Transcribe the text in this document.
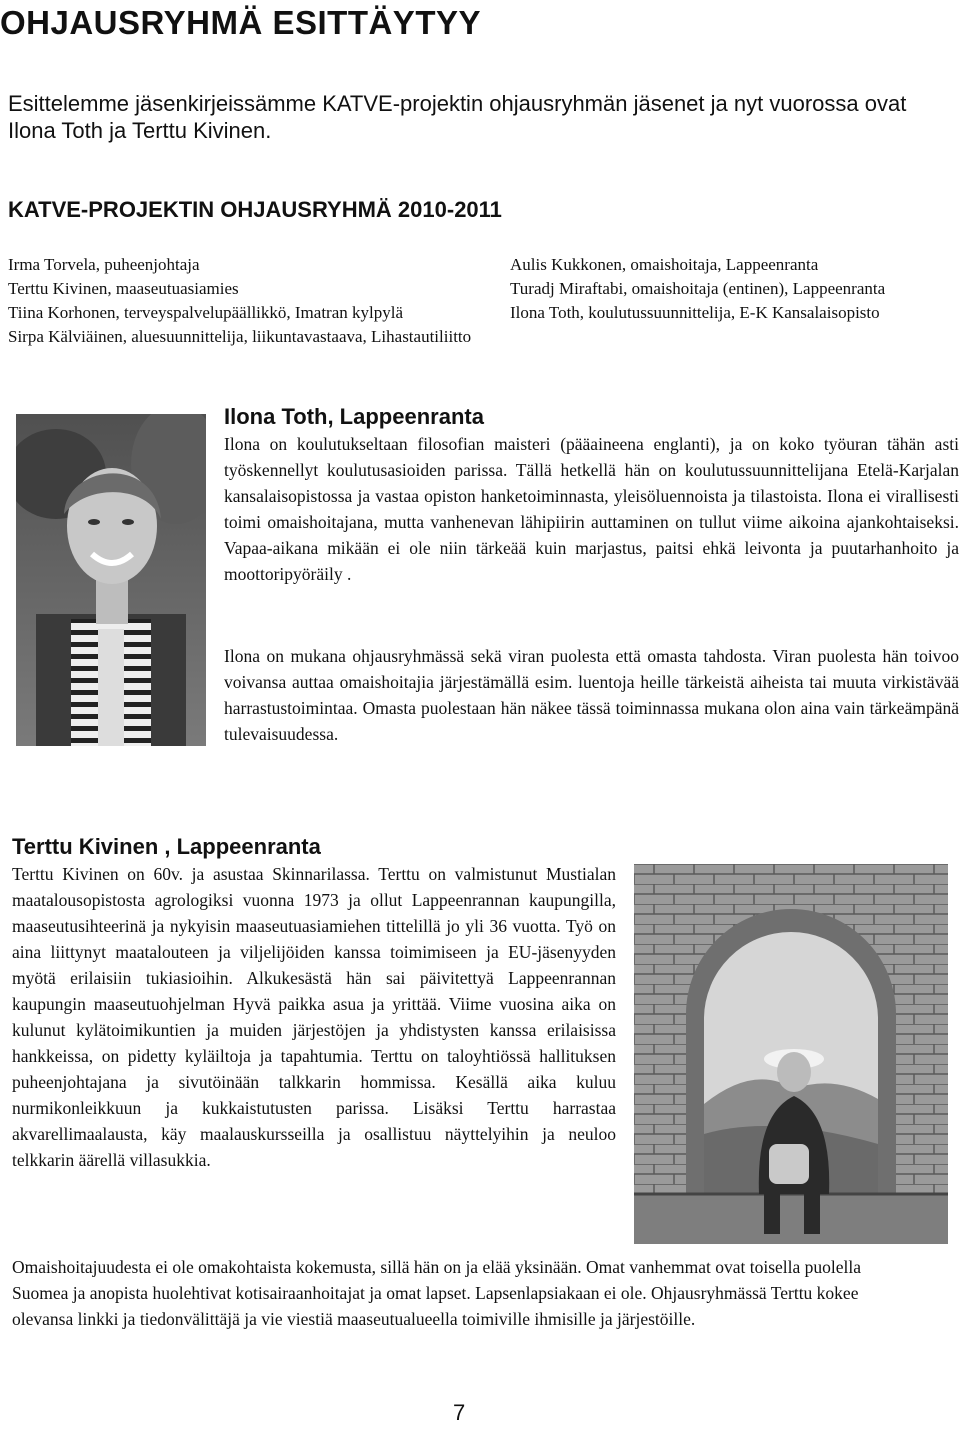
OHJAUSRYHMÄ ESITTÄYTYY

Esittelemme jäsenkirjeissämme KATVE-projektin ohjausryhmän jäsenet ja nyt vuorossa ovat Ilona Toth ja Terttu Kivinen.

KATVE-PROJEKTIN OHJAUSRYHMÄ 2010-2011

Irma Torvela, puheenjohtaja

Terttu Kivinen, maaseutuasiamies

Tiina Korhonen, terveyspalvelupäällikkö, Imatran kylpylä

Aulis Kukkonen, omaishoitaja, Lappeenranta

Turadj Miraftabi, omaishoitaja (entinen), Lappeenranta

Ilona Toth, koulutussuunnittelija, E-K Kansalaisopisto

Sirpa Kälviäinen, aluesuunnittelija, liikuntavastaava, Lihastautiliitto

Ilona Toth, Lappeenranta

Ilona on koulutukseltaan filosofian maisteri (pääaineena englanti), ja on koko työuran tähän asti työskennellyt koulutusasioiden parissa. Tällä hetkellä hän on koulutussuunnittelijana Etelä-Karjalan kansalaisopistossa ja vastaa opiston hanketoiminnasta, yleisöluennoista ja tilastoista. Ilona ei virallisesti toimi omaishoitajana, mutta vanhenevan lähipiirin auttaminen on tullut viime aikoina ajankohtaiseksi. Vapaa-aikana mikään ei ole niin tärkeää kuin marjastus, paitsi ehkä leivonta ja puutarhanhoito ja moottoripyöräily .

Ilona on mukana ohjausryhmässä sekä viran puolesta että omasta tahdosta. Viran puolesta hän toivoo voivansa auttaa omaishoitajia järjestämällä esim. luentoja heille tärkeistä aiheista tai muuta virkistävää harrastustoimintaa. Omasta puolestaan hän näkee tässä toiminnassa mukana olon aina vain tärkeämpänä tulevaisuudessa.

Terttu Kivinen , Lappeenranta

Terttu Kivinen on 60v. ja asustaa Skinnarilassa. Terttu on valmistunut Mustialan maatalousopistosta agrologiksi vuonna 1973 ja ollut Lappeenrannan kaupungilla, maaseutusihteerinä ja nykyisin maaseutuasiamiehen tittelillä jo yli 36 vuotta. Työ on aina liittynyt maatalouteen ja viljelijöiden kanssa toimimiseen ja EU-jäsenyyden myötä erilaisiin tukiasioihin. Alkukesästä hän sai päivitettyä Lappeenrannan kaupungin maaseutuohjelman Hyvä paikka asua ja yrittää. Viime vuosina aika on kulunut kylätoimikuntien ja muiden järjestöjen ja yhdistysten kanssa erilaisissa hankkeissa, on pidetty kyläiltoja ja tapahtumia. Terttu on taloyhtiössä hallituksen puheenjohtajana ja sivutöinään talkkarin hommissa. Kesällä aika kuluu nurmikonleikkuun ja kukkaistutusten parissa. Lisäksi Terttu harrastaa akvarellimaalausta, käy maalauskursseilla ja osallistuu näyttelyihin ja neuloo telkkarin äärellä villasukkia.

Omaishoitajuudesta ei ole omakohtaista kokemusta, sillä hän on ja elää yksinään. Omat vanhemmat ovat toisella puolella Suomea ja anopista huolehtivat kotisairaanhoitajat ja omat lapset. Lapsenlapsiakaan ei ole. Ohjausryhmässä Terttu kokee olevansa linkki ja tiedonvälittäjä ja vie viestiä maaseutualueella toimiville ihmisille ja järjestöille.

7
